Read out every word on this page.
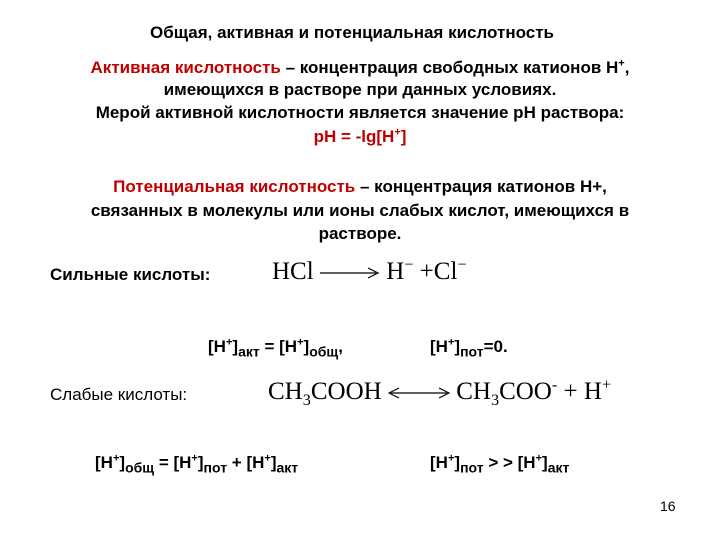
Общая, активная и потенциальная кислотность
Активная кислотность – концентрация свободных катионов Н+,
имеющихся в растворе при данных условиях.
Мерой активной кислотности является значение рН раствора:
рН = -lg[H+]
Потенциальная кислотность – концентрация катионов Н+,
связанных в молекулы или ионы слабых кислот, имеющихся в
растворе.
Сильные кислоты: HCl	H− +Cl−
$[H^+]_{акт} = [H^+]_{общ}$,	$[H^+]_{пот}=0$.
Слабые кислоты:	$CH_3COOH$	$CH_3COO^- + H^+$
$[H^+]_{общ} = [H^+]_{пот} + [H^+]_{акт}$	$[H^+]_{пот}$ > > $[H^+]_{акт}$
16
